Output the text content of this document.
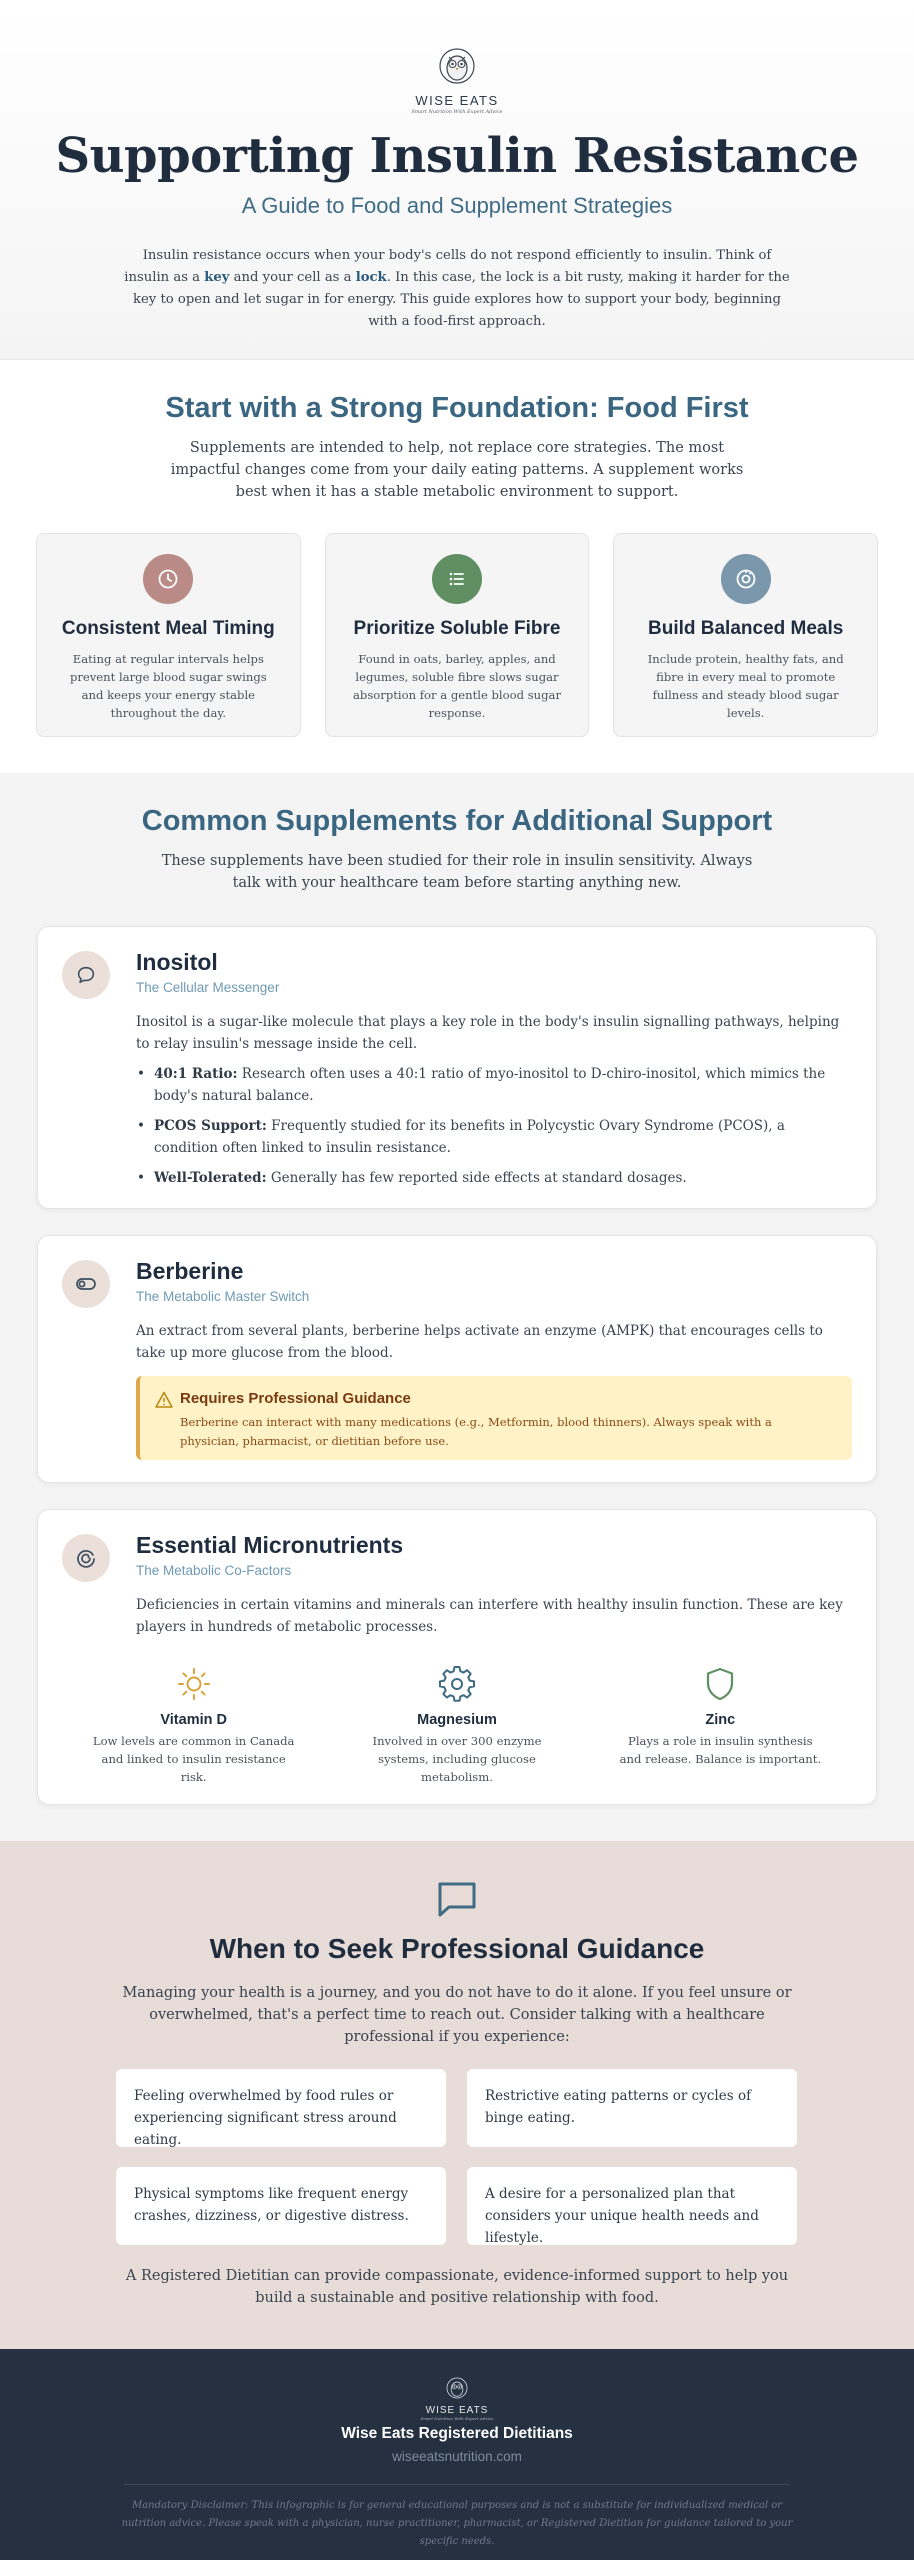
WISE EATS
Smart Nutrition With Expert Advice
Supporting Insulin Resistance
A Guide to Food and Supplement Strategies

Insulin resistance occurs when your body's cells do not respond efficiently to insulin. Think of insulin as a key and your cell as a lock. In this case, the lock is a bit rusty, making it harder for the key to open and let sugar in for energy. This guide explores how to support your body, beginning with a food-first approach.

Start with a Strong Foundation: Food First

Supplements are intended to help, not replace core strategies. The most impactful changes come from your daily eating patterns. A supplement works best when it has a stable metabolic environment to support.

Consistent Meal Timing
Eating at regular intervals helps prevent large blood sugar swings and keeps your energy stable throughout the day.
Prioritize Soluble Fibre
Found in oats, barley, apples, and legumes, soluble fibre slows sugar absorption for a gentle blood sugar response.
Build Balanced Meals
Include protein, healthy fats, and fibre in every meal to promote fullness and steady blood sugar levels.
Common Supplements for Additional Support

These supplements have been studied for their role in insulin sensitivity. Always talk with your healthcare team before starting anything new.

Inositol
The Cellular Messenger

Inositol is a sugar-like molecule that plays a key role in the body's insulin signalling pathways, helping to relay insulin's message inside the cell.

• 40:1 Ratio: Research often uses a 40:1 ratio of myo-inositol to D-chiro-inositol, which mimics the body's natural balance.
• PCOS Support: Frequently studied for its benefits in Polycystic Ovary Syndrome (PCOS), a condition often linked to insulin resistance.
• Well-Tolerated: Generally has few reported side effects at standard dosages.
Berberine
The Metabolic Master Switch
An extract from several plants, berberine helps activate an enzyme (AMPK) that encourages cells to take up more glucose from the blood.
Requires Professional Guidance
Berberine can interact with many medications (e.g., Metformin, blood thinners). Always speak with a physician, pharmacist, or dietitian before use.
Essential Micronutrients
The Metabolic Co-Factors
Deficiencies in certain vitamins and minerals can interfere with healthy insulin function. These are key players in hundreds of metabolic processes.
Vitamin D
Low levels are common in Canada and linked to insulin resistance risk.
Magnesium
Involved in over 300 enzyme systems, including glucose metabolism.
Zinc
Plays a role in insulin synthesis and release. Balance is important.
When to Seek Professional Guidance

Managing your health is a journey, and you do not have to do it alone. If you feel unsure or overwhelmed, that's a perfect time to reach out. Consider talking with a healthcare professional if you experience:

Feeling overwhelmed by food rules or experiencing significant stress around eating.
Restrictive eating patterns or cycles of binge eating.
Physical symptoms like frequent energy crashes, dizziness, or digestive distress.
A desire for a personalized plan that considers your unique health needs and lifestyle.

A Registered Dietitian can provide compassionate, evidence-informed support to help you build a sustainable and positive relationship with food.

WISE EATS
Smart Nutrition With Expert Advice
Wise Eats Registered Dietitians
wiseeatsnutrition.com

Mandatory Disclaimer: This infographic is for general educational purposes and is not a substitute for individualized medical or nutrition advice. Please speak with a physician, nurse practitioner, pharmacist, or Registered Dietitian for guidance tailored to your specific needs.
